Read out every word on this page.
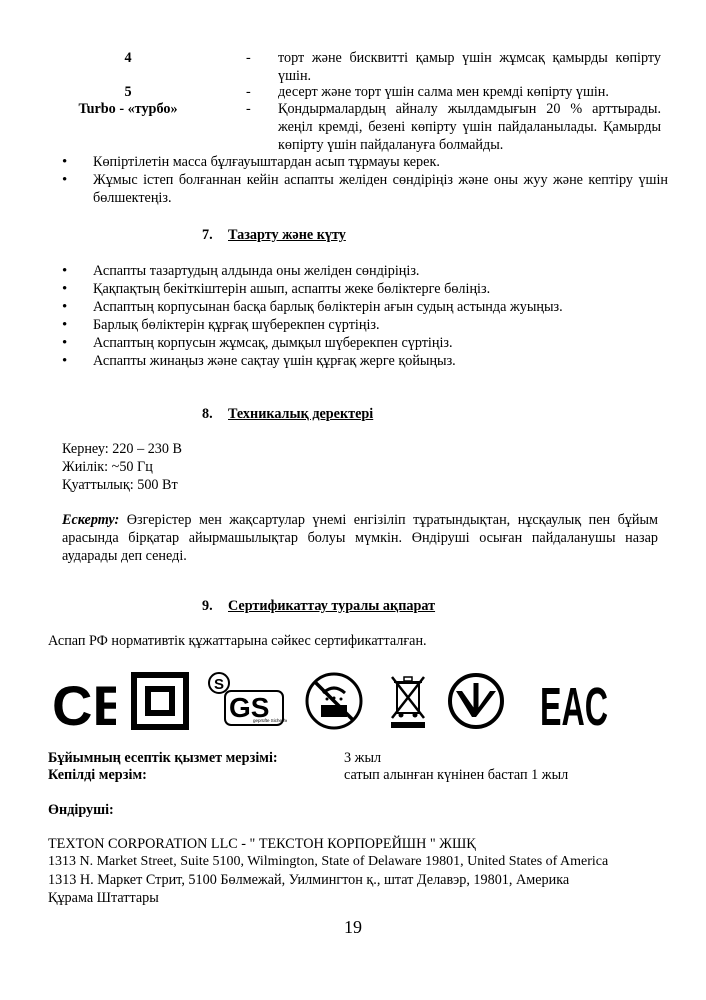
4	- торт және бисквитті қамыр үшін жұмсақ қамырды көпірту үшін.
5	- десерт және торт үшін салма мен кремді көпірту үшін.
Turbo - «турбо»	- Қондырмалардың айналу жылдамдығын 20 % арттырады. жеңіл кремді, безені көпірту үшін пайдаланылады. Қамырды көпірту үшін пайдалануға болмайды.
• Көпіртілетін масса бұлғауыштардан асып тұрмауы керек.
• Жұмыс істеп болғаннан кейін аспапты желіден сөндіріңіз және оны жуу және кептіру үшін бөлшектеңіз.
7. Тазарту және күту
• Аспапты тазартудың алдында оны желіден сөндіріңіз.
• Қақпақтың бекіткіштерін ашып, аспапты жеке бөліктерге бөліңіз.
• Аспаптың корпусынан басқа барлық бөліктерін ағын судың астында жуыңыз.
• Барлық бөліктерін құрғақ шүберекпен сүртіңіз.
• Аспаптың корпусын жұмсақ, дымқыл шүберекпен сүртіңіз.
• Аспапты жинаңыз және сақтау үшін құрғақ жерге қойыңыз.
8. Техникалық деректері
Кернеу: 220 – 230 В
Жиілік: ~50 Гц
Қуаттылық: 500 Вт
Ескерту: Өзгерістер мен жақсартулар үнемі енгізіліп тұратындықтан, нұсқаулық пен бұйым арасында бірқатар айырмашылықтар болуы мүмкін. Өндіруші осыған пайдаланушы назар аударады деп сенеді.
9. Сертификаттау туралы ақпарат
Аспап РФ нормативтік құжаттарына сәйкес сертификатталған.
CE	S
GS
geprüfte Sicherh	EAC
Бұйымның есептік қызмет мерзімі:	3 жыл
Кепілді мерзім:	сатып алынған күнінен бастап 1 жыл
Өндіруші:
TEXTON CORPORATION LLC - " ТЕКСТОН КОРПОРЕЙШН " ЖШҚ
1313 N. Market Street, Suite 5100, Wilmington, State of Delaware 19801, United States of America
1313 Н. Маркет Стрит, 5100 Бөлмежай, Уилмингтон қ., штат Делавэр, 19801, Америка
Құрама Штаттары
19
